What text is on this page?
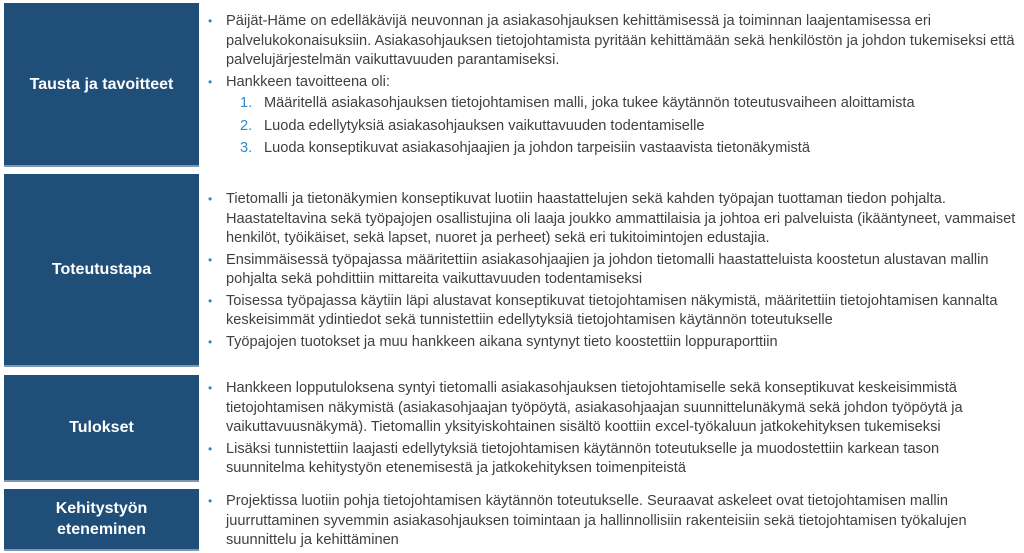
Tausta ja tavoitteet
• Päijät-Häme on edelläkävijä neuvonnan ja asiakasohjauksen kehittämisessä ja toiminnan laajentamisessa eri palvelukokonaisuksiin. Asiakasohjauksen tietojohtamista pyritään kehittämään sekä henkilöstön ja johdon tukemiseksi että palvelujärjestelmän vaikuttavuuden parantamiseksi.
• Hankkeen tavoitteena oli:
1. Määritellä asiakasohjauksen tietojohtamisen malli, joka tukee käytännön toteutusvaiheen aloittamista
2. Luoda edellytyksiä asiakasohjauksen vaikuttavuuden todentamiselle
3. Luoda konseptikuvat asiakasohjaajien ja johdon tarpeisiin vastaavista tietonäkymistä
Toteutustapa
• Tietomalli ja tietonäkymien konseptikuvat luotiin haastattelujen sekä kahden työpajan tuottaman tiedon pohjalta. Haastateltavina sekä työpajojen osallistujina oli laaja joukko ammattilaisia ja johtoa eri palveluista (ikääntyneet, vammaiset henkilöt, työikäiset, sekä lapset, nuoret ja perheet) sekä eri tukitoimintojen edustajia.
• Ensimmäisessä työpajassa määritettiin asiakasohjaajien ja johdon tietomalli haastatteluista koostetun alustavan mallin pohjalta sekä pohdittiin mittareita vaikuttavuuden todentamiseksi
• Toisessa työpajassa käytiin läpi alustavat konseptikuvat tietojohtamisen näkymistä, määritettiin tietojohtamisen kannalta keskeisimmät ydintiedot sekä tunnistettiin edellytyksiä tietojohtamisen käytännön toteutukselle
• Työpajojen tuotokset ja muu hankkeen aikana syntynyt tieto koostettiin loppuraporttiin
Tulokset
• Hankkeen lopputuloksena syntyi tietomalli asiakasohjauksen tietojohtamiselle sekä konseptikuvat keskeisimmistä tietojohtamisen näkymistä (asiakasohjaajan työpöytä, asiakasohjaajan suunnittelunäkymä sekä johdon työpöytä ja vaikuttavuusnäkymä). Tietomallin yksityiskohtainen sisältö koottiin excel-työkaluun jatkokehityksen tukemiseksi
• Lisäksi tunnistettiin laajasti edellytyksiä tietojohtamisen käytännön toteutukselle ja muodostettiin karkean tason suunnitelma kehitystyön etenemisestä ja jatkokehityksen toimenpiteistä
Kehitystyön eteneminen
• Projektissa luotiin pohja tietojohtamisen käytännön toteutukselle. Seuraavat askeleet ovat tietojohtamisen mallin juurruttaminen syvemmin asiakasohjauksen toimintaan ja hallinnollisiin rakenteisiin sekä tietojohtamisen työkalujen suunnittelu ja kehittäminen
